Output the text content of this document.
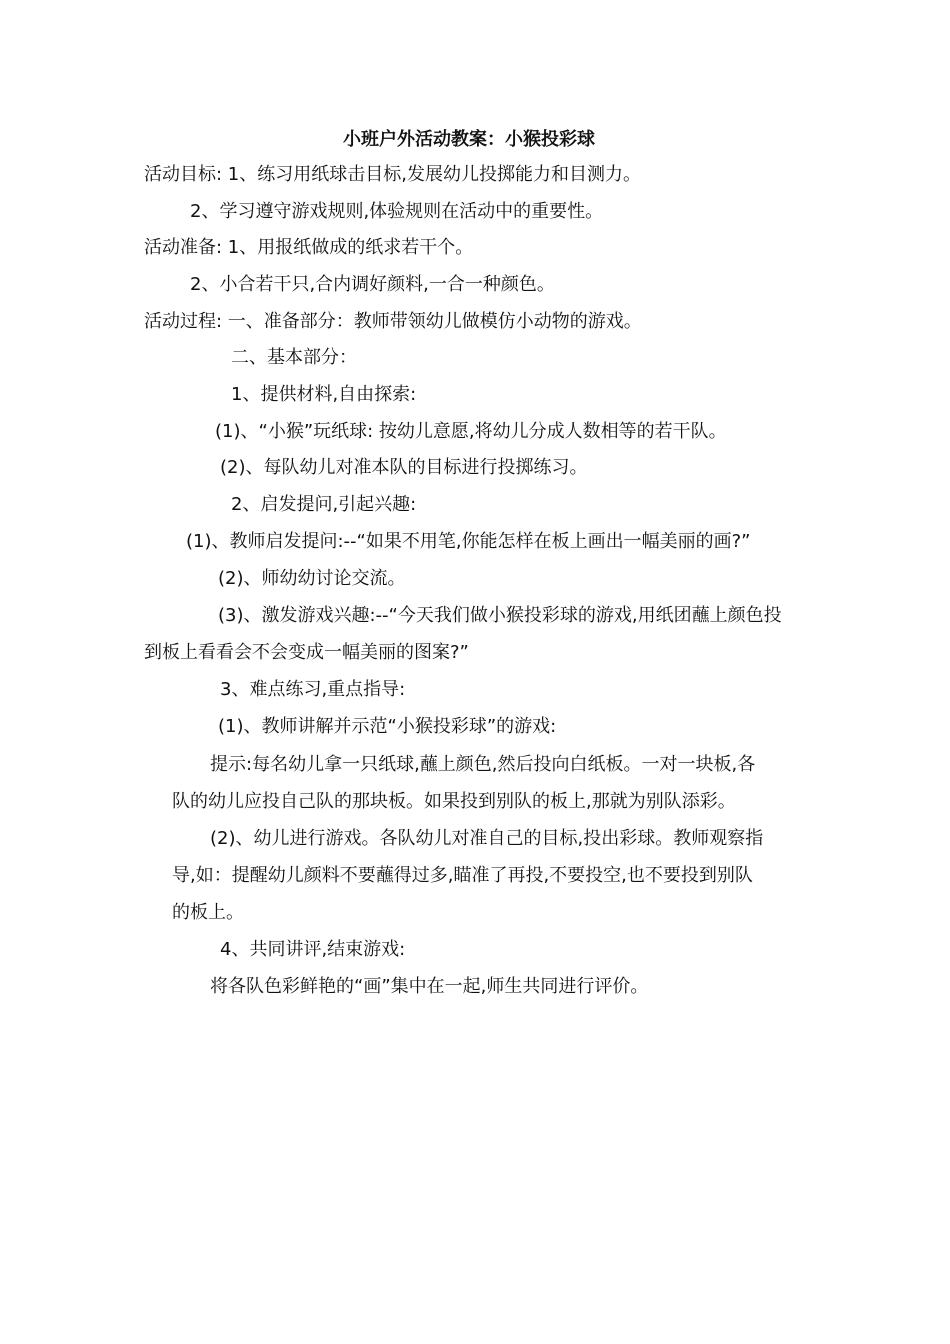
小班户外活动教案：小猴投彩球
活动目标: 1、练习用纸球击目标,发展幼儿投掷能力和目测力。
2、学习遵守游戏规则,体验规则在活动中的重要性。
活动准备: 1、用报纸做成的纸求若干个。
2、小合若干只,合内调好颜料,一合一种颜色。
活动过程: 一、准备部分：教师带领幼儿做模仿小动物的游戏。
二、基本部分：
1、提供材料,自由探索:
(1)、“小猴”玩纸球: 按幼儿意愿,将幼儿分成人数相等的若干队。
(2)、每队幼儿对准本队的目标进行投掷练习。
2、启发提问,引起兴趣:
(1)、教师启发提问:--“如果不用笔,你能怎样在板上画出一幅美丽的画?”
(2)、师幼幼讨论交流。
(3)、激发游戏兴趣:--“今天我们做小猴投彩球的游戏,用纸团蘸上颜色投
到板上看看会不会变成一幅美丽的图案?”
3、难点练习,重点指导:
(1)、教师讲解并示范“小猴投彩球”的游戏:
提示:每名幼儿拿一只纸球,蘸上颜色,然后投向白纸板。一对一块板,各
队的幼儿应投自己队的那块板。如果投到别队的板上,那就为别队添彩。
(2)、幼儿进行游戏。各队幼儿对准自己的目标,投出彩球。教师观察指
导,如：提醒幼儿颜料不要蘸得过多,瞄准了再投,不要投空,也不要投到别队
的板上。
4、共同讲评,结束游戏:
将各队色彩鲜艳的“画”集中在一起,师生共同进行评价。
